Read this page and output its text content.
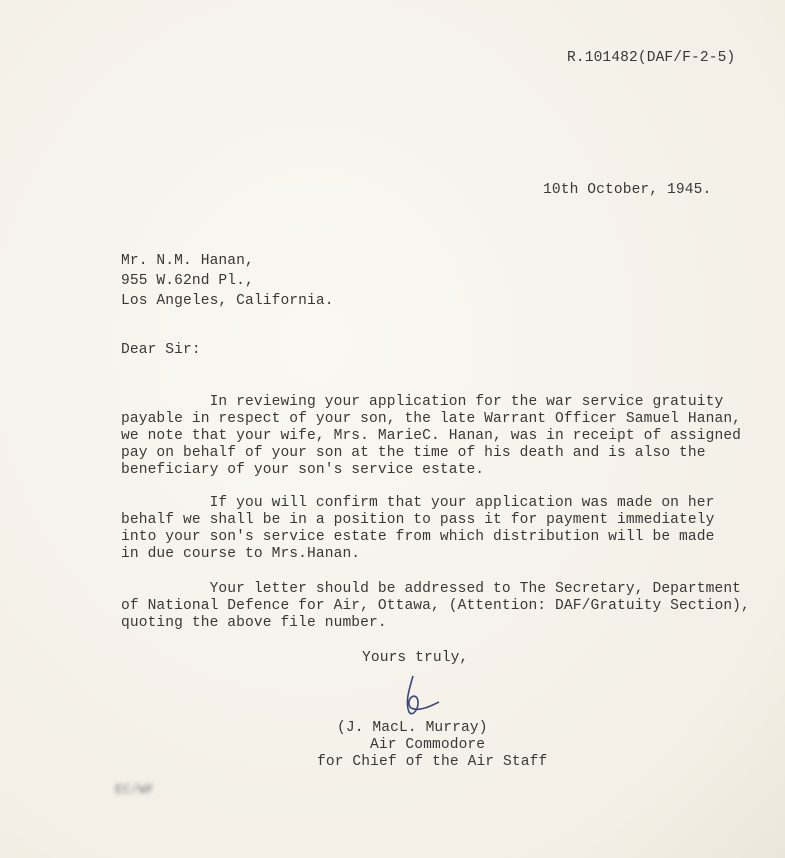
R.101482(DAF/F-2-5)
10th October, 1945.
Mr. N.M. Hanan,
955 W.62nd Pl.,
Los Angeles, California.
Dear Sir:
In reviewing your application for the war service gratuity
payable in respect of your son, the late Warrant Officer Samuel Hanan,
we note that your wife, Mrs. MarieC. Hanan, was in receipt of assigned
pay on behalf of your son at the time of his death and is also the
beneficiary of your son's service estate.
If you will confirm that your application was made on her
behalf we shall be in a position to pass it for payment immediately
into your son's service estate from which distribution will be made
in due course to Mrs.Hanan.
Your letter should be addressed to The Secretary, Department
of National Defence for Air, Ottawa, (Attention: DAF/Gratuity Section),
quoting the above file number.
Yours truly,
(J. MacL. Murray)
Air Commodore
for Chief of the Air Staff
EC/WF
